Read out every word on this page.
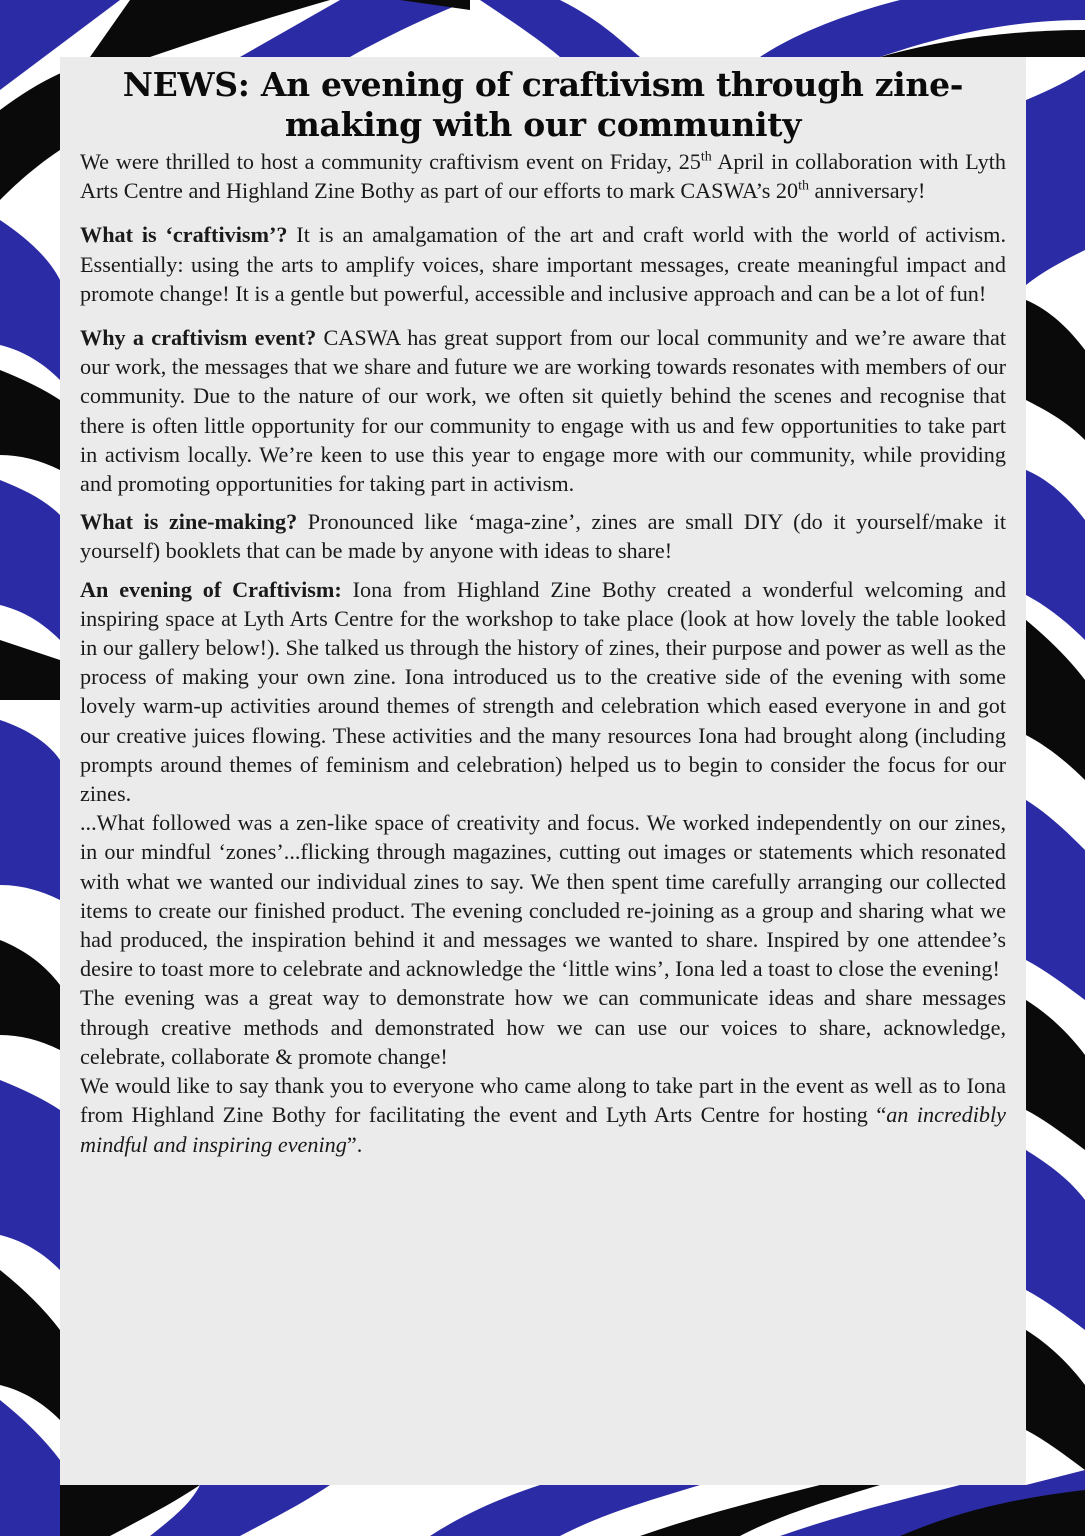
NEWS: An evening of craftivism through zine-making with our community

We were thrilled to host a community craftivism event on Friday, 25th April in collaboration with Lyth Arts Centre and Highland Zine Bothy as part of our efforts to mark CASWA’s 20th anniversary!

What is ‘craftivism’? It is an amalgamation of the art and craft world with the world of activism. Essentially: using the arts to amplify voices, share important messages, create meaningful impact and promote change! It is a gentle but powerful, accessible and inclusive approach and can be a lot of fun!

Why a craftivism event? CASWA has great support from our local community and we’re aware that our work, the messages that we share and future we are working towards resonates with members of our community. Due to the nature of our work, we often sit quietly behind the scenes and recognise that there is often little opportunity for our community to engage with us and few opportunities to take part in activism locally. We’re keen to use this year to engage more with our community, while providing and promoting opportunities for taking part in activism.

What is zine-making? Pronounced like ‘maga-zine’, zines are small DIY (do it yourself/make it yourself) booklets that can be made by anyone with ideas to share!

An evening of Craftivism: Iona from Highland Zine Bothy created a wonderful welcoming and inspiring space at Lyth Arts Centre for the workshop to take place (look at how lovely the table looked in our gallery below!). She talked us through the history of zines, their purpose and power as well as the process of making your own zine. Iona introduced us to the creative side of the evening with some lovely warm-up activities around themes of strength and celebration which eased everyone in and got our creative juices flowing. These activities and the many resources Iona had brought along (including prompts around themes of feminism and celebration) helped us to begin to consider the focus for our zines.

...What followed was a zen-like space of creativity and focus. We worked independently on our zines, in our mindful ‘zones’...flicking through magazines, cutting out images or statements which resonated with what we wanted our individual zines to say. We then spent time carefully arranging our collected items to create our finished product. The evening concluded re-joining as a group and sharing what we had produced, the inspiration behind it and messages we wanted to share. Inspired by one attendee’s desire to toast more to celebrate and acknowledge the ‘little wins’, Iona led a toast to close the evening!

The evening was a great way to demonstrate how we can communicate ideas and share messages through creative methods and demonstrated how we can use our voices to share, acknowledge, celebrate, collaborate & promote change!

We would like to say thank you to everyone who came along to take part in the event as well as to Iona from Highland Zine Bothy for facilitating the event and Lyth Arts Centre for hosting “an incredibly mindful and inspiring evening”.
